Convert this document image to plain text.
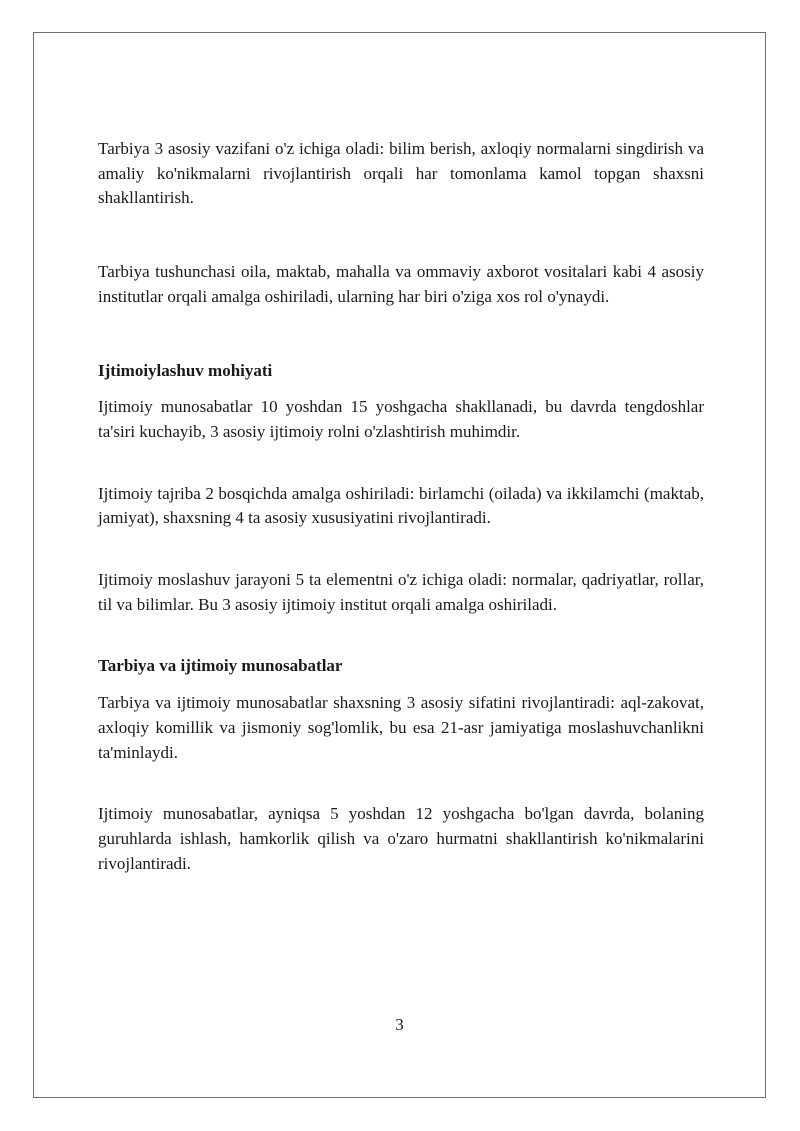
Tarbiya 3 asosiy vazifani o'z ichiga oladi: bilim berish, axloqiy normalarni singdirish va amaliy ko'nikmalarni rivojlantirish orqali har tomonlama kamol topgan shaxsni shakllantirish.

Tarbiya tushunchasi oila, maktab, mahalla va ommaviy axborot vositalari kabi 4 asosiy institutlar orqali amalga oshiriladi, ularning har biri o'ziga xos rol o'ynaydi.

Ijtimoiylashuv mohiyati

Ijtimoiy munosabatlar 10 yoshdan 15 yoshgacha shakllanadi, bu davrda tengdoshlar ta'siri kuchayib, 3 asosiy ijtimoiy rolni o'zlashtirish muhimdir.

Ijtimoiy tajriba 2 bosqichda amalga oshiriladi: birlamchi (oilada) va ikkilamchi (maktab, jamiyat), shaxsning 4 ta asosiy xususiyatini rivojlantiradi.

Ijtimoiy moslashuv jarayoni 5 ta elementni o'z ichiga oladi: normalar, qadriyatlar, rollar, til va bilimlar. Bu 3 asosiy ijtimoiy institut orqali amalga oshiriladi.

Tarbiya va ijtimoiy munosabatlar

Tarbiya va ijtimoiy munosabatlar shaxsning 3 asosiy sifatini rivojlantiradi: aql-zakovat, axloqiy komillik va jismoniy sog'lomlik, bu esa 21-asr jamiyatiga moslashuvchanlikni ta'minlaydi.

Ijtimoiy munosabatlar, ayniqsa 5 yoshdan 12 yoshgacha bo'lgan davrda, bolaning guruhlarda ishlash, hamkorlik qilish va o'zaro hurmatni shakllantirish ko'nikmalarini rivojlantiradi.

3
